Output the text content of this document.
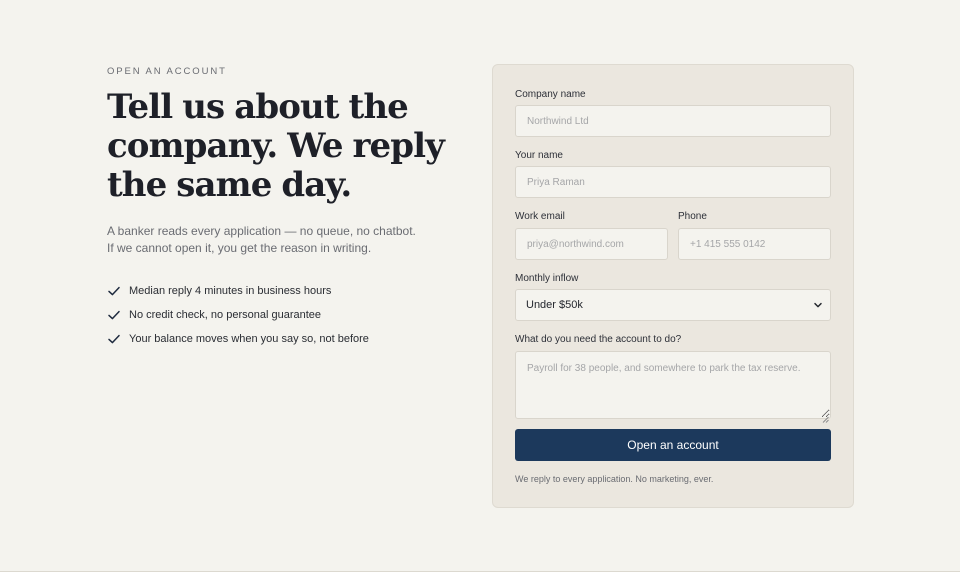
OPEN AN ACCOUNT
Tell us about the company. We reply the same day.

A banker reads every application — no queue, no chatbot.
If we cannot open it, you get the reason in writing.

Median reply 4 minutes in business hours
No credit check, no personal guarantee
Your balance moves when you say so, not before
Company name
Northwind Ltd
Your name
Priya Raman
Work email
priya@northwind.com	Phone
+1 415 555 0142
Monthly inflow
Under $50k
What do you need the account to do?
Payroll for 38 people, and somewhere to park the tax reserve.
Open an account

We reply to every application. No marketing, ever.
